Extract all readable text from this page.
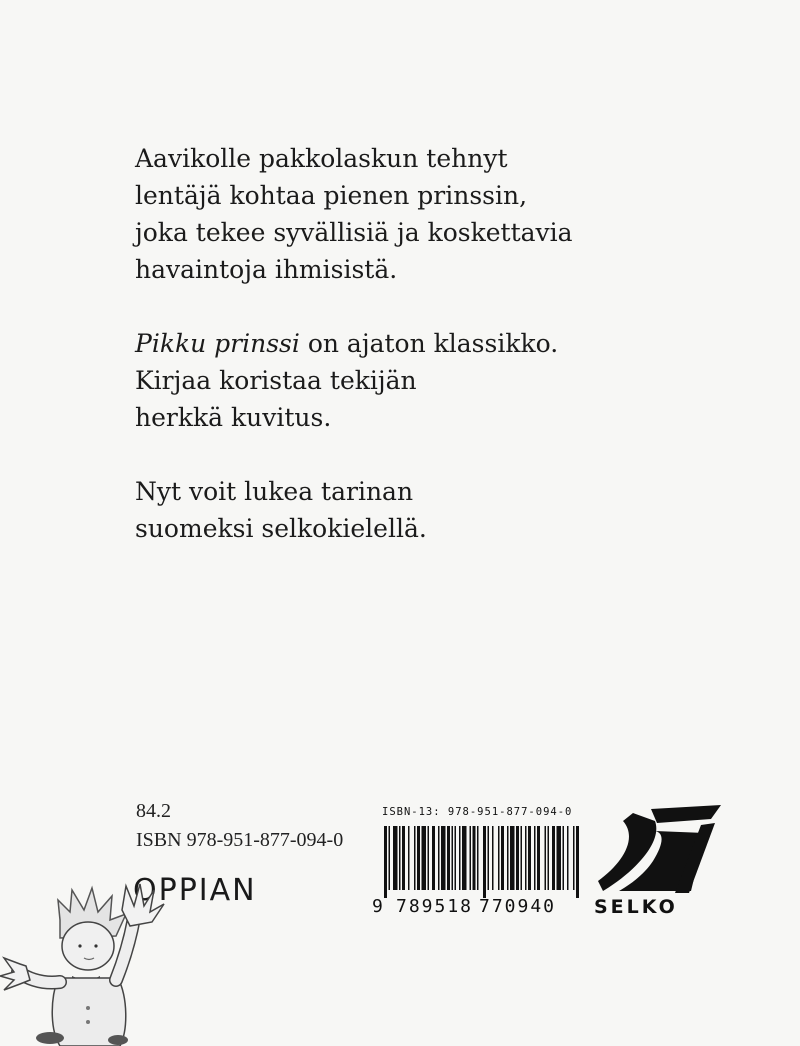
Aavikolle pakkolaskun tehnyt
lentäjä kohtaa pienen prinssin,
joka tekee syvällisiä ja koskettavia
havaintoja ihmisistä.

Pikku prinssi on ajaton klassikko.
Kirjaa koristaa tekijän
herkkä kuvitus.

Nyt voit lukea tarinan
suomeksi selkokielellä.

84.2
ISBN 978-951-877-094-0
OPPIAN
ISBN-13: 978-951-877-094-0
9 789518 770940 SELKO
